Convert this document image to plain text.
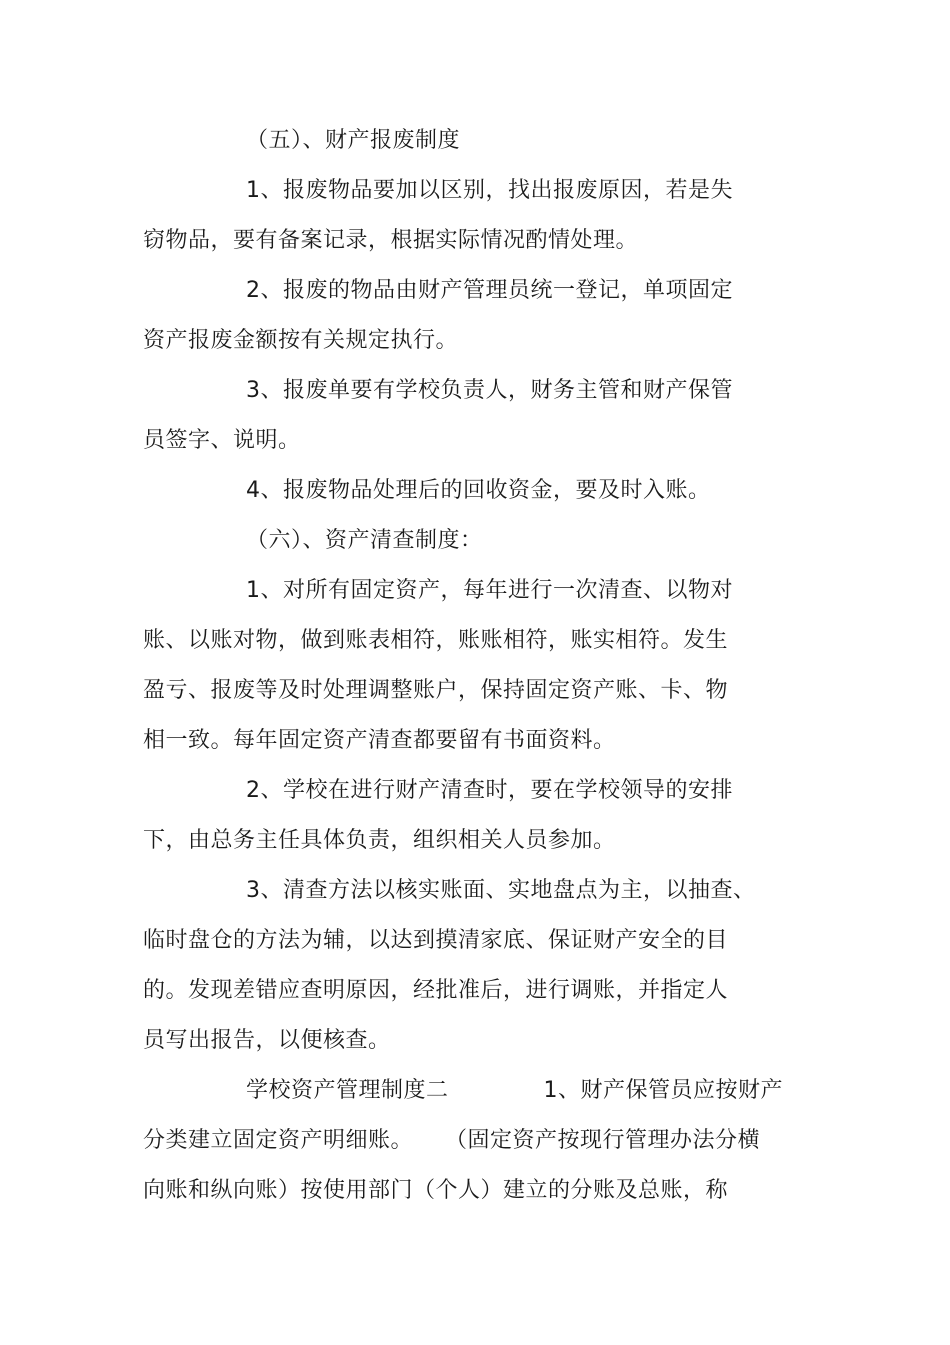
（五）、财产报废制度

1、报废物品要加以区别，找出报废原因，若是失

窃物品，要有备案记录，根据实际情况酌情处理。

2、报废的物品由财产管理员统一登记，单项固定

资产报废金额按有关规定执行。

3、报废单要有学校负责人，财务主管和财产保管

员签字、说明。

4、报废物品处理后的回收资金，要及时入账。

（六）、资产清查制度：

1、对所有固定资产，每年进行一次清查、以物对

账、以账对物，做到账表相符，账账相符，账实相符。发生

盈亏、报废等及时处理调整账户，保持固定资产账、卡、物

相一致。每年固定资产清查都要留有书面资料。

2、学校在进行财产清查时，要在学校领导的安排

下，由总务主任具体负责，组织相关人员参加。

3、清查方法以核实账面、实地盘点为主，以抽查、

临时盘仓的方法为辅，以达到摸清家底、保证财产安全的目

的。发现差错应查明原因，经批准后，进行调账，并指定人

员写出报告，以便核查。

学校资产管理制度二	1、财产保管员应按财产

分类建立固定资产明细账。 （固定资产按现行管理办法分横

向账和纵向账）按使用部门（个人）建立的分账及总账，称
